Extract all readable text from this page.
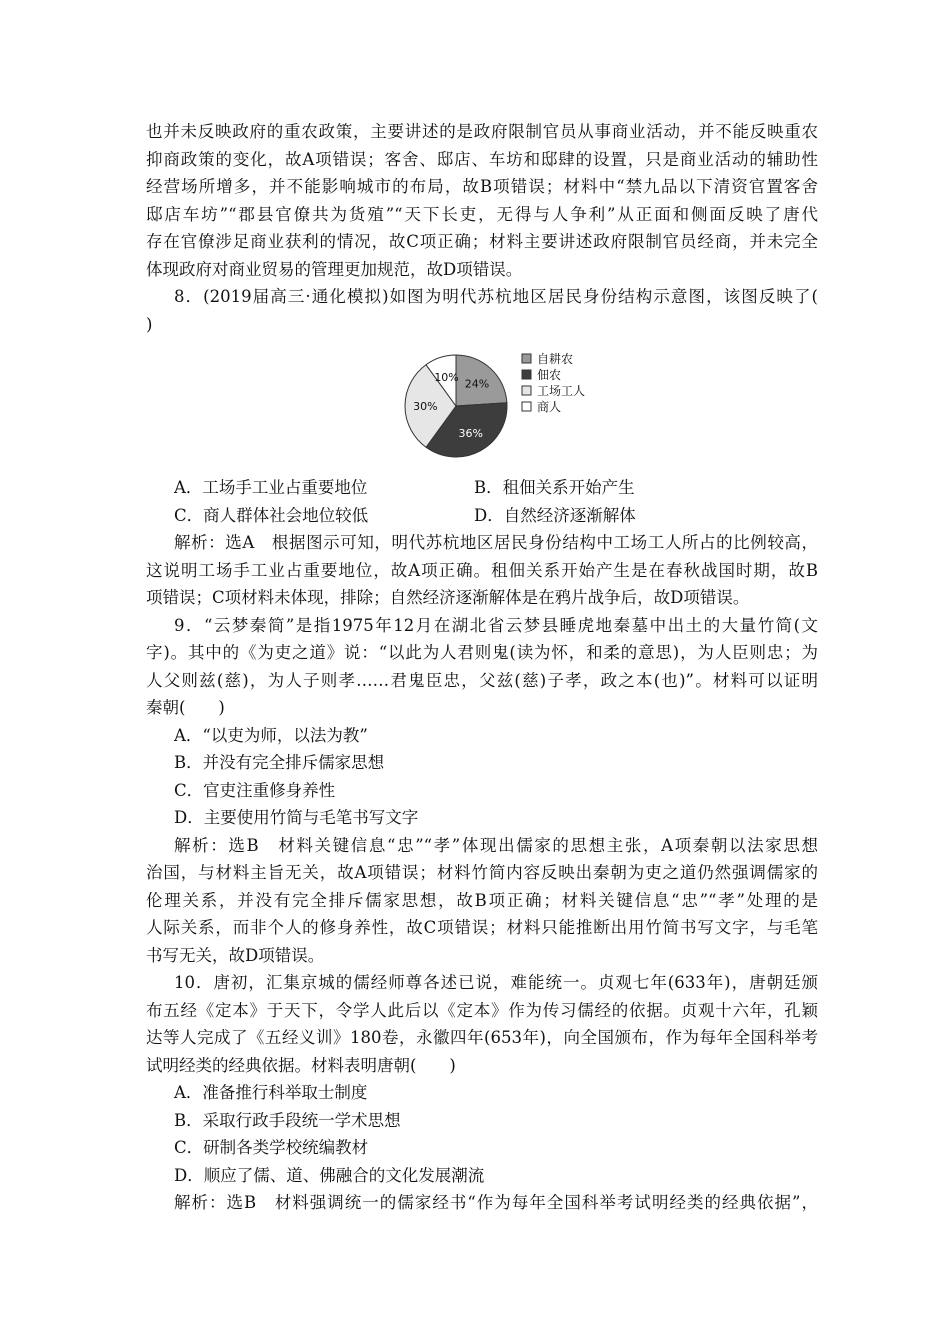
也并未反映政府的重农政策，主要讲述的是政府限制官员从事商业活动，并不能反映重农
抑商政策的变化，故A项错误；客舍、邸店、车坊和邸肆的设置，只是商业活动的辅助性
经营场所增多，并不能影响城市的布局，故B项错误；材料中“禁九品以下清资官置客舍
邸店车坊”“郡县官僚共为货殖”“天下长吏，无得与人争利”从正面和侧面反映了唐代
存在官僚涉足商业获利的情况，故C项正确；材料主要讲述政府限制官员经商，并未完全
体现政府对商业贸易的管理更加规范，故D项错误。
8．(2019届高三·通化模拟)如图为明代苏杭地区居民身份结构示意图，该图反映了(
)
24%
36%
30%
10%
自耕农
佃农
工场工人
商人
A．工场手工业占重要地位	B．租佃关系开始产生
C．商人群体社会地位较低	D．自然经济逐渐解体
解析：选A　根据图示可知，明代苏杭地区居民身份结构中工场工人所占的比例较高，
这说明工场手工业占重要地位，故A项正确。租佃关系开始产生是在春秋战国时期，故B
项错误；C项材料未体现，排除；自然经济逐渐解体是在鸦片战争后，故D项错误。
9．“云梦秦简”是指1975年12月在湖北省云梦县睡虎地秦墓中出土的大量竹简(文
字)。其中的《为吏之道》说：“以此为人君则鬼(读为怀，和柔的意思)，为人臣则忠；为
人父则兹(慈)，为人子则孝……君鬼臣忠，父兹(慈)子孝，政之本(也)”。材料可以证明
秦朝(　　)
A．“以吏为师，以法为教”
B．并没有完全排斥儒家思想
C．官吏注重修身养性
D．主要使用竹简与毛笔书写文字
解析：选B　材料关键信息“忠”“孝”体现出儒家的思想主张，A项秦朝以法家思想
治国，与材料主旨无关，故A项错误；材料竹简内容反映出秦朝为吏之道仍然强调儒家的
伦理关系，并没有完全排斥儒家思想，故B项正确；材料关键信息“忠”“孝”处理的是
人际关系，而非个人的修身养性，故C项错误；材料只能推断出用竹简书写文字，与毛笔
书写无关，故D项错误。
10．唐初，汇集京城的儒经师尊各述已说，难能统一。贞观七年(633年)，唐朝廷颁
布五经《定本》于天下，令学人此后以《定本》作为传习儒经的依据。贞观十六年，孔颖
达等人完成了《五经义训》180卷，永徽四年(653年)，向全国颁布，作为每年全国科举考
试明经类的经典依据。材料表明唐朝(　　)
A．准备推行科举取士制度
B．采取行政手段统一学术思想
C．研制各类学校统编教材
D．顺应了儒、道、佛融合的文化发展潮流
解析：选B　材料强调统一的儒家经书“作为每年全国科举考试明经类的经典依据”，
